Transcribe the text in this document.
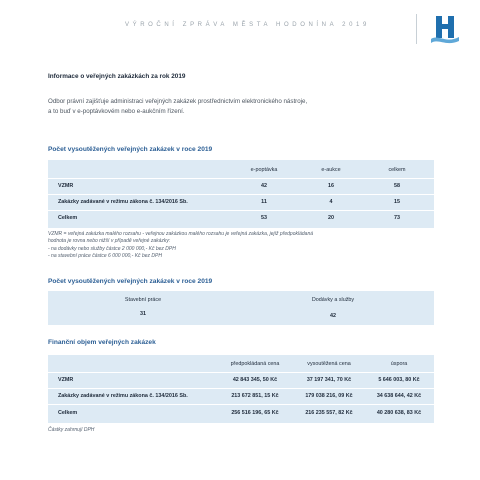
VÝROČNÍ ZPRÁVA MĚSTA HODONÍNA 2019
Informace o veřejných zakázkách za rok 2019
Odbor právní zajišťuje administraci veřejných zakázek prostřednictvím elektronického nástroje,
a to buď v e-poptávkovém nebo e-aukčním řízení.
Počet vysoutěžených veřejných zakázek v roce 2019
e-poptávka	e-aukce	celkem
VZMR	42	16	58
Zakázky zadávané v režimu zákona č. 134/2016 Sb.	11	4	15
Celkem	53	20	73
VZMR = veřejná zakázka malého rozsahu - veřejnou zakázkou malého rozsahu je veřejná zakázka, jejíž předpokládaná
hodnota je rovna nebo nižší v případě veřejné zakázky:
- na dodávky nebo služby částce 2 000 000,- Kč bez DPH
- na stavební práce částce 6 000 000,- Kč bez DPH
Počet vysoutěžených veřejných zakázek v roce 2019
Stavební práce	Dodávky a služby
31	42
Finanční objem veřejných zakázek
předpokládaná cena	vysoutěžená cena	úspora
VZMR	42 843 345, 50 Kč	37 197 341, 70 Kč	5 646 003, 80 Kč
Zakázky zadávané v režimu zákona č. 134/2016 Sb.	213 672 851, 15 Kč	179 038 216, 09 Kč	34 638 644, 42 Kč
Celkem	256 516 196, 65 Kč	216 235 557, 82 Kč	40 280 638, 83 Kč
Částky zahrnují DPH
